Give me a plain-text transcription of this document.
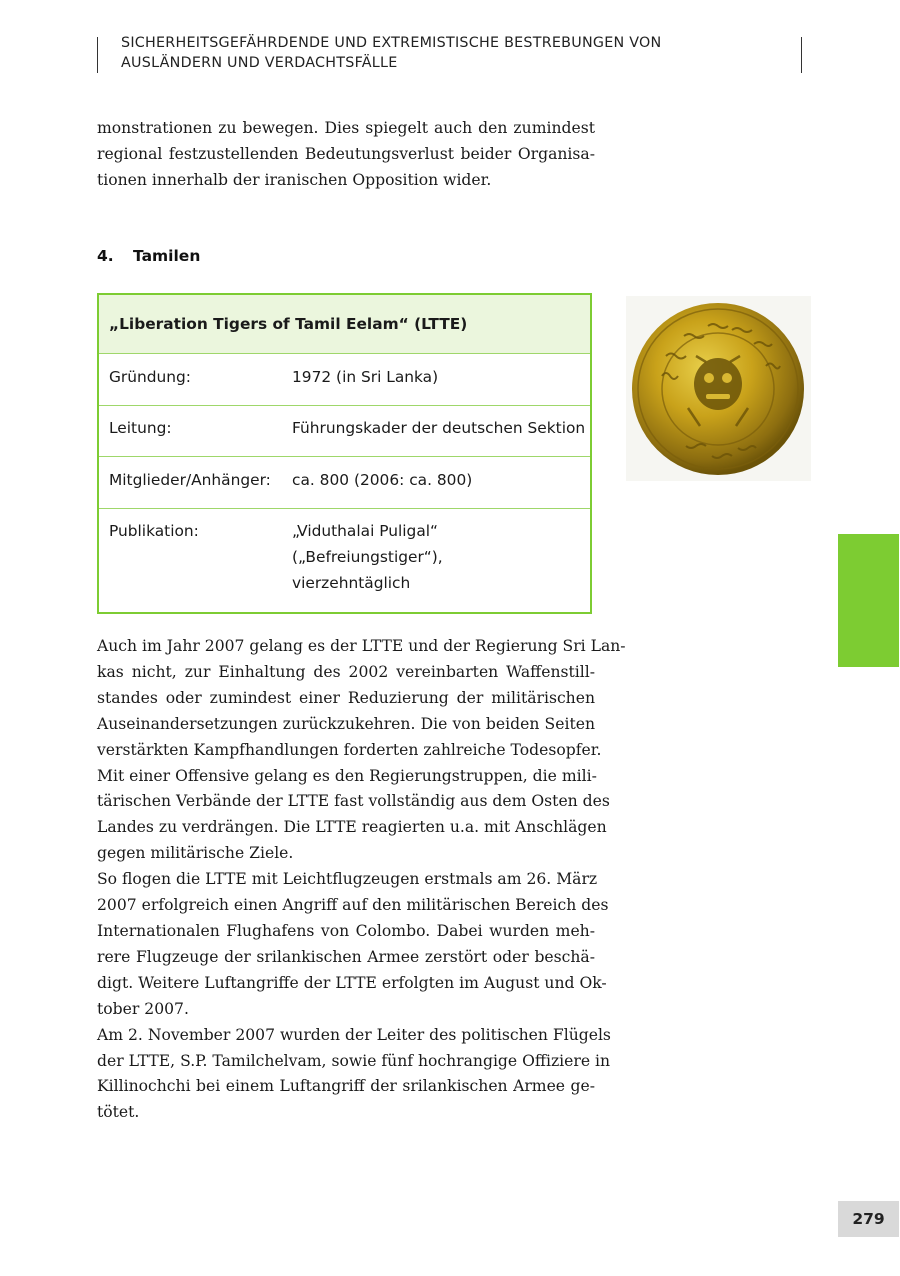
SICHERHEITSGEFÄHRDENDE UND EXTREMISTISCHE BESTREBUNGEN VON
AUSLÄNDERN UND VERDACHTSFÄLLE
monstrationen zu bewegen. Dies spiegelt auch den zumindest
regional festzustellenden Bedeutungsverlust beider Organisa-
tionen innerhalb der iranischen Opposition wider.
4. Tamilen
„Liberation Tigers of Tamil Eelam“ (LTTE)
Gründung:	1972 (in Sri Lanka)
Leitung:	Führungskader der deutschen Sektion
Mitglieder/Anhänger:	ca. 800 (2006: ca. 800)
Publikation:	„Viduthalai Puligal“
(„Befreiungstiger“),
vierzehntäglich
Auch im Jahr 2007 gelang es der LTTE und der Regierung Sri Lan-
kas nicht, zur Einhaltung des 2002 vereinbarten Waffenstill-
standes oder zumindest einer Reduzierung der militärischen
Auseinandersetzungen zurückzukehren. Die von beiden Seiten
verstärkten Kampfhandlungen forderten zahlreiche Todesopfer.
Mit einer Offensive gelang es den Regierungstruppen, die mili-
tärischen Verbände der LTTE fast vollständig aus dem Osten des
Landes zu verdrängen. Die LTTE reagierten u.a. mit Anschlägen
gegen militärische Ziele.
So flogen die LTTE mit Leichtflugzeugen erstmals am 26. März
2007 erfolgreich einen Angriff auf den militärischen Bereich des
Internationalen Flughafens von Colombo. Dabei wurden meh-
rere Flugzeuge der srilankischen Armee zerstört oder beschä-
digt. Weitere Luftangriffe der LTTE erfolgten im August und Ok-
tober 2007.
Am 2. November 2007 wurden der Leiter des politischen Flügels
der LTTE, S.P. Tamilchelvam, sowie fünf hochrangige Offiziere in
Killinochchi bei einem Luftangriff der srilankischen Armee ge-
tötet.
279
